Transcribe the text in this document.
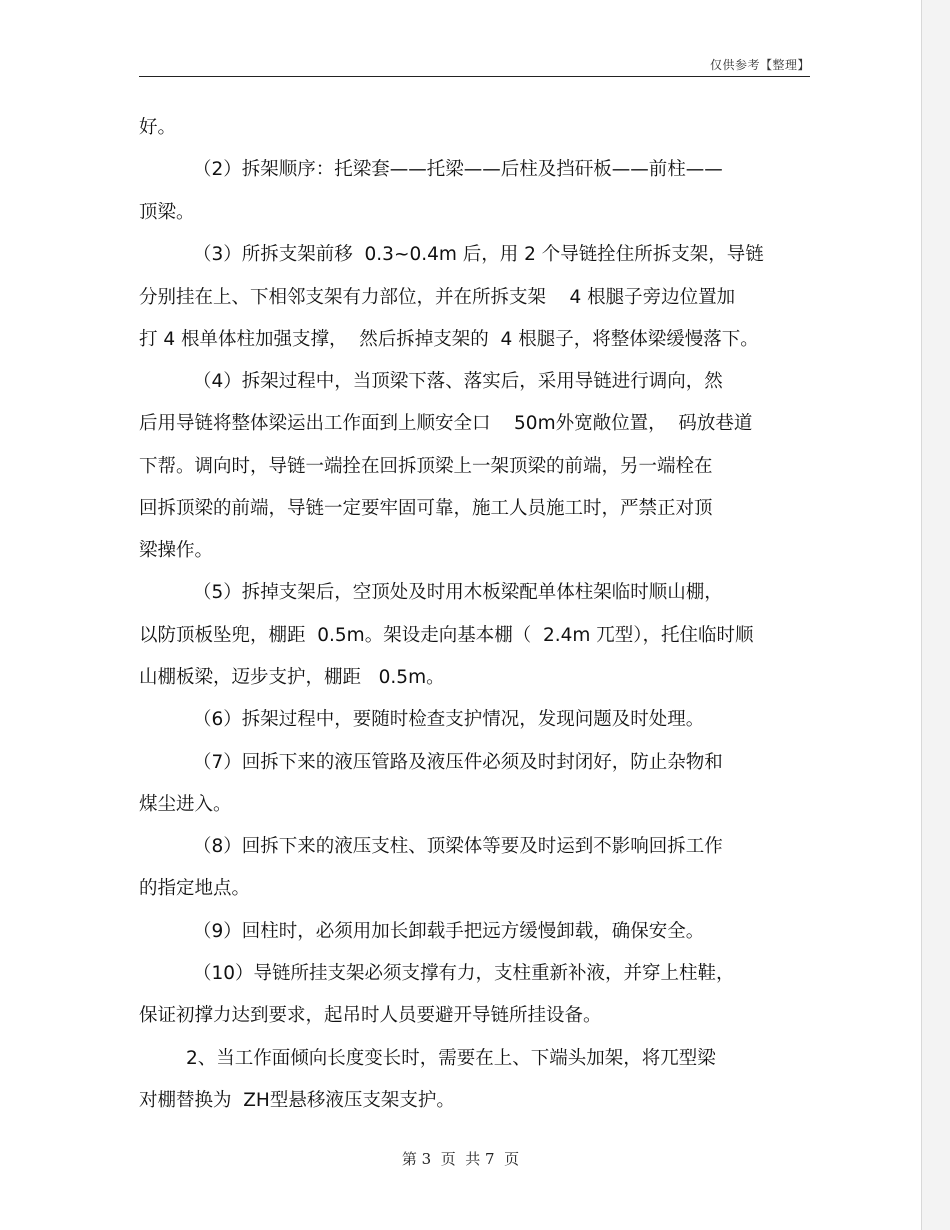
仅供参考【整理】
好。
（2）拆架顺序：托梁套——托梁——后柱及挡矸板——前柱——
顶梁。
（3）所拆支架前移  0.3~0.4m 后，用 2 个导链拴住所拆支架，导链
分别挂在上、下相邻支架有力部位，并在所拆支架    4 根腿子旁边位置加
打 4 根单体柱加强支撑，  然后拆掉支架的  4 根腿子，将整体梁缓慢落下。
（4）拆架过程中，当顶梁下落、落实后，采用导链进行调向，然
后用导链将整体梁运出工作面到上顺安全口    50m外宽敞位置，  码放巷道
下帮。调向时，导链一端拴在回拆顶梁上一架顶梁的前端，另一端栓在
回拆顶梁的前端，导链一定要牢固可靠，施工人员施工时，严禁正对顶
梁操作。
（5）拆掉支架后，空顶处及时用木板梁配单体柱架临时顺山棚，
以防顶板坠兜，棚距  0.5m。架设走向基本棚（  2.4m 兀型），托住临时顺
山棚板梁，迈步支护，棚距   0.5m。
（6）拆架过程中，要随时检查支护情况，发现问题及时处理。
（7）回拆下来的液压管路及液压件必须及时封闭好，防止杂物和
煤尘进入。
（8）回拆下来的液压支柱、顶梁体等要及时运到不影响回拆工作
的指定地点。
（9）回柱时，必须用加长卸载手把远方缓慢卸载，确保安全。
（10）导链所挂支架必须支撑有力，支柱重新补液，并穿上柱鞋，
保证初撑力达到要求，起吊时人员要避开导链所挂设备。
2、当工作面倾向长度变长时，需要在上、下端头加架，将兀型梁
对棚替换为  ZH型悬移液压支架支护。
第 3  页  共 7  页
